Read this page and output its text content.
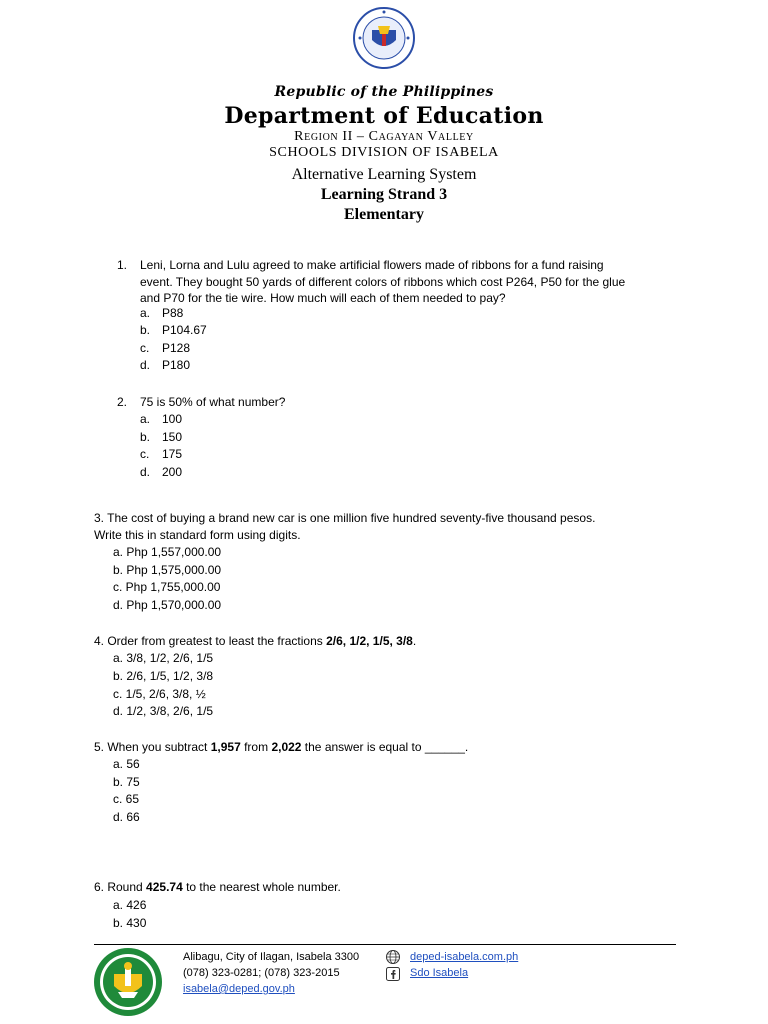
Republic of the Philippines
Department of Education
Region II – Cagayan Valley
SCHOOLS DIVISION OF ISABELA
Alternative Learning System
Learning Strand 3
Elementary
1. Leni, Lorna and Lulu agreed to make artificial flowers made of ribbons for a fund raising
event. They bought 50 yards of different colors of ribbons which cost P264, P50 for the glue
and P70 for the tie wire. How much will each of them needed to pay?
a. P88
b. P104.67
c. P128
d. P180
2. 75 is 50% of what number?
a. 100
b. 150
c. 175
d. 200
3. The cost of buying a brand new car is one million five hundred seventy-five thousand pesos.
Write this in standard form using digits.
a. Php 1,557,000.00
b. Php 1,575,000.00
c. Php 1,755,000.00
d. Php 1,570,000.00
4. Order from greatest to least the fractions 2/6, 1/2, 1/5, 3/8.
a. 3/8, 1/2, 2/6, 1/5
b. 2/6, 1/5, 1/2, 3/8
c. 1/5, 2/6, 3/8, ½
d. 1/2, 3/8, 2/6, 1/5
5. When you subtract 1,957 from 2,022 the answer is equal to ______.
a. 56
b. 75
c. 65
d. 66
6. Round 425.74 to the nearest whole number.
a. 426
b. 430
Alibagu, City of Ilagan, Isabela 3300
(078) 323-0281; (078) 323-2015
isabela@deped.gov.ph
deped-isabela.com.ph
Sdo Isabela
